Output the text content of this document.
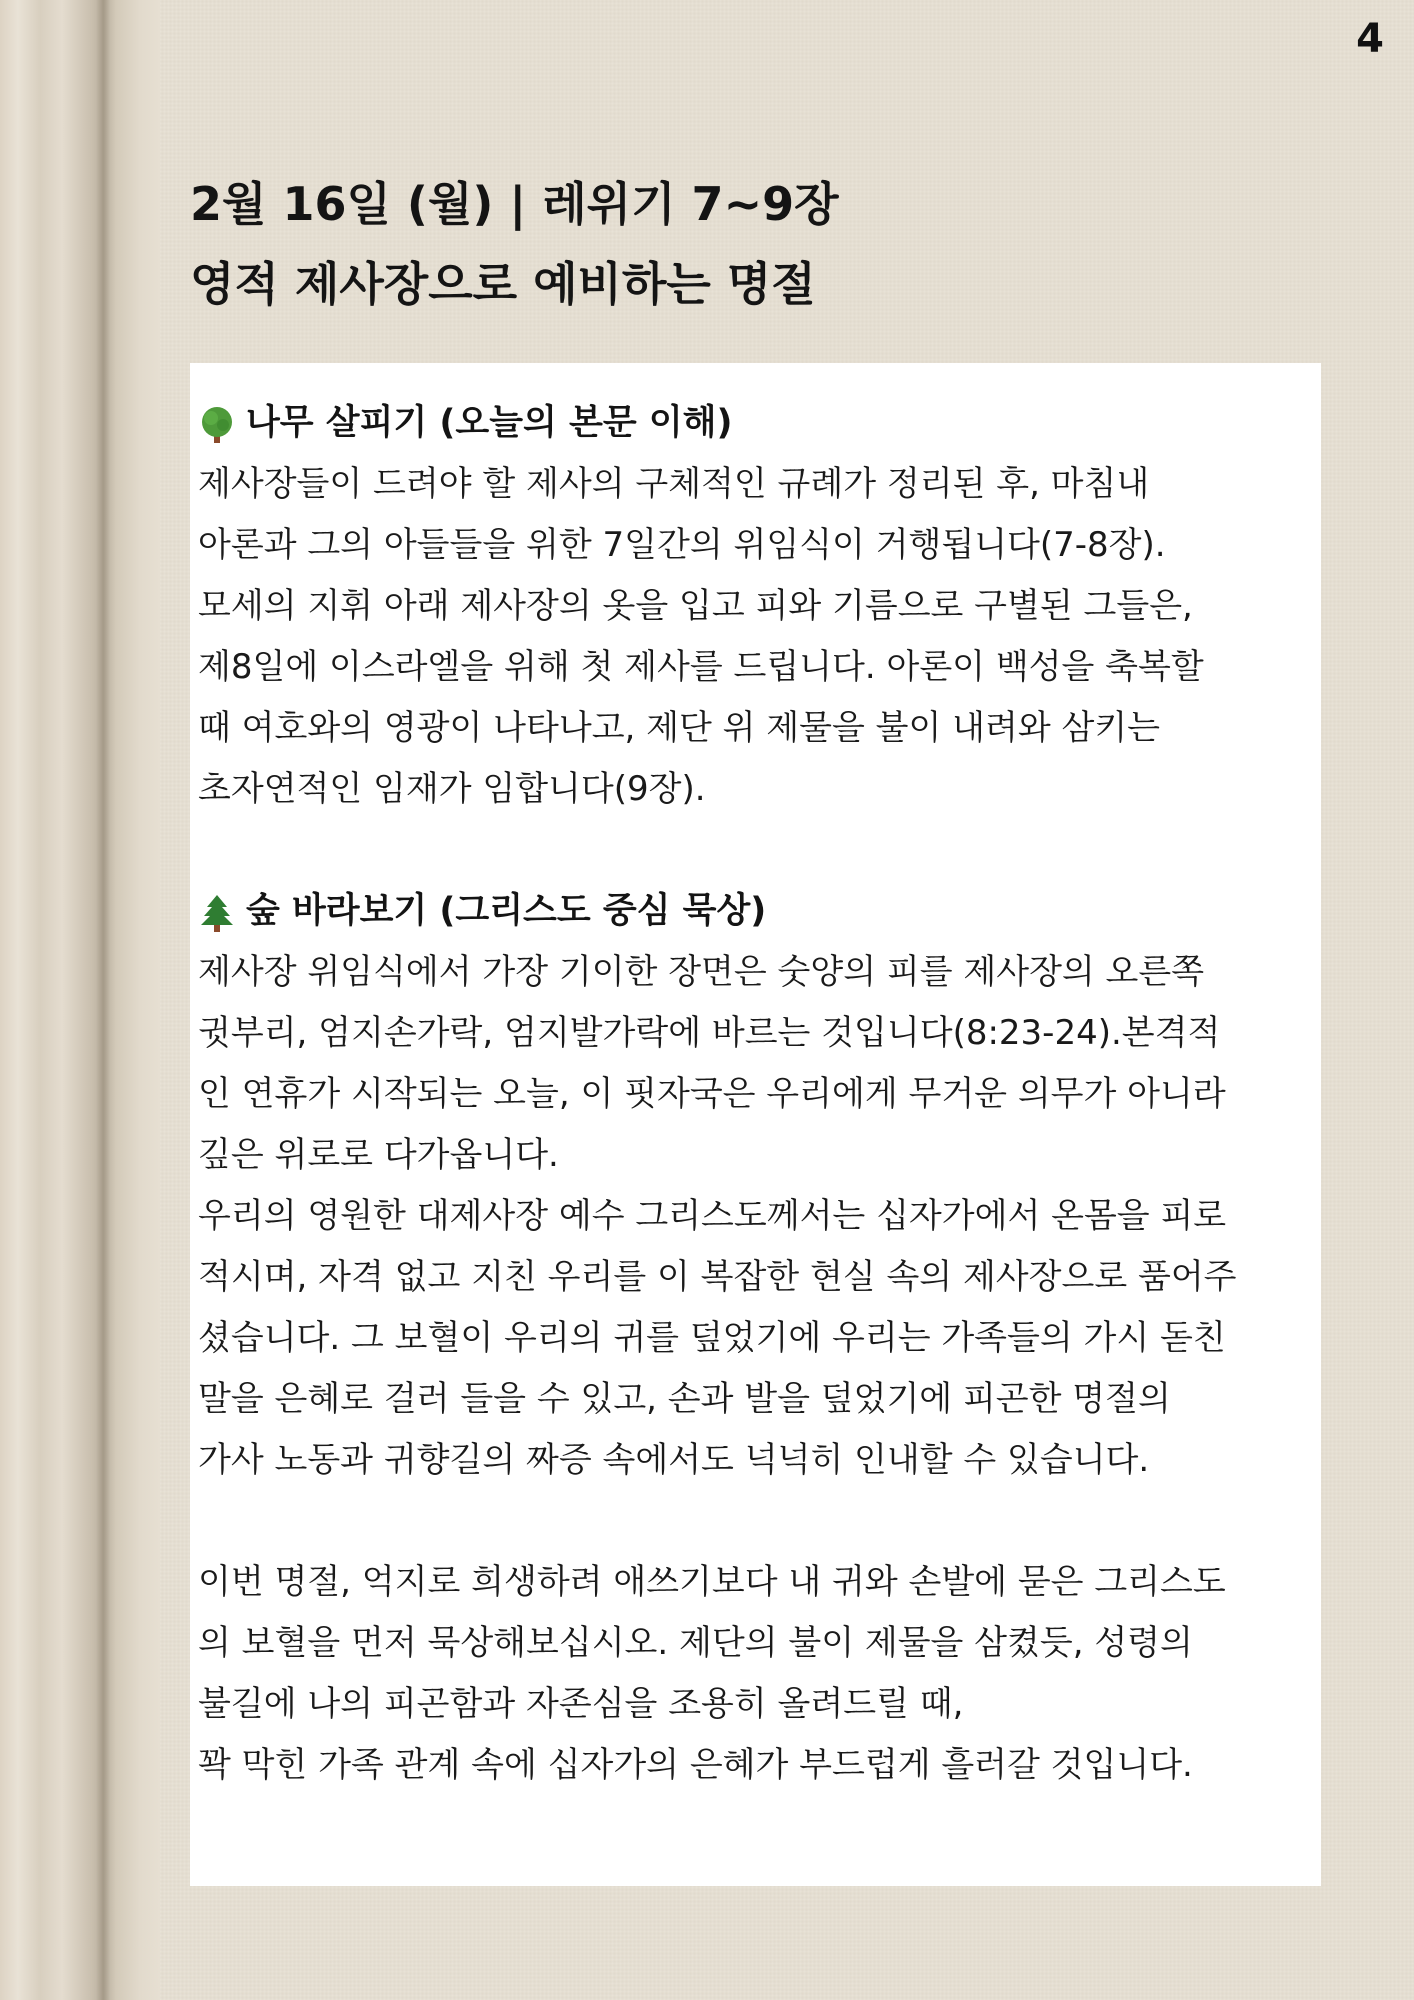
4
2월 16일 (월) | 레위기 7~9장
영적 제사장으로 예비하는 명절
나무 살피기 (오늘의 본문 이해)
제사장들이 드려야 할 제사의 구체적인 규례가 정리된 후, 마침내
아론과 그의 아들들을 위한 7일간의 위임식이 거행됩니다(7-8장).
모세의 지휘 아래 제사장의 옷을 입고 피와 기름으로 구별된 그들은,
제8일에 이스라엘을 위해 첫 제사를 드립니다. 아론이 백성을 축복할
때 여호와의 영광이 나타나고, 제단 위 제물을 불이 내려와 삼키는
초자연적인 임재가 임합니다(9장).
숲 바라보기 (그리스도 중심 묵상)
제사장 위임식에서 가장 기이한 장면은 숫양의 피를 제사장의 오른쪽
귓부리, 엄지손가락, 엄지발가락에 바르는 것입니다(8:23-24).본격적
인 연휴가 시작되는 오늘, 이 핏자국은 우리에게 무거운 의무가 아니라
깊은 위로로 다가옵니다.
우리의 영원한 대제사장 예수 그리스도께서는 십자가에서 온몸을 피로
적시며, 자격 없고 지친 우리를 이 복잡한 현실 속의 제사장으로 품어주
셨습니다. 그 보혈이 우리의 귀를 덮었기에 우리는 가족들의 가시 돋친
말을 은혜로 걸러 들을 수 있고, 손과 발을 덮었기에 피곤한 명절의
가사 노동과 귀향길의 짜증 속에서도 넉넉히 인내할 수 있습니다.
이번 명절, 억지로 희생하려 애쓰기보다 내 귀와 손발에 묻은 그리스도
의 보혈을 먼저 묵상해보십시오. 제단의 불이 제물을 삼켰듯, 성령의
불길에 나의 피곤함과 자존심을 조용히 올려드릴 때,
꽉 막힌 가족 관계 속에 십자가의 은혜가 부드럽게 흘러갈 것입니다.
